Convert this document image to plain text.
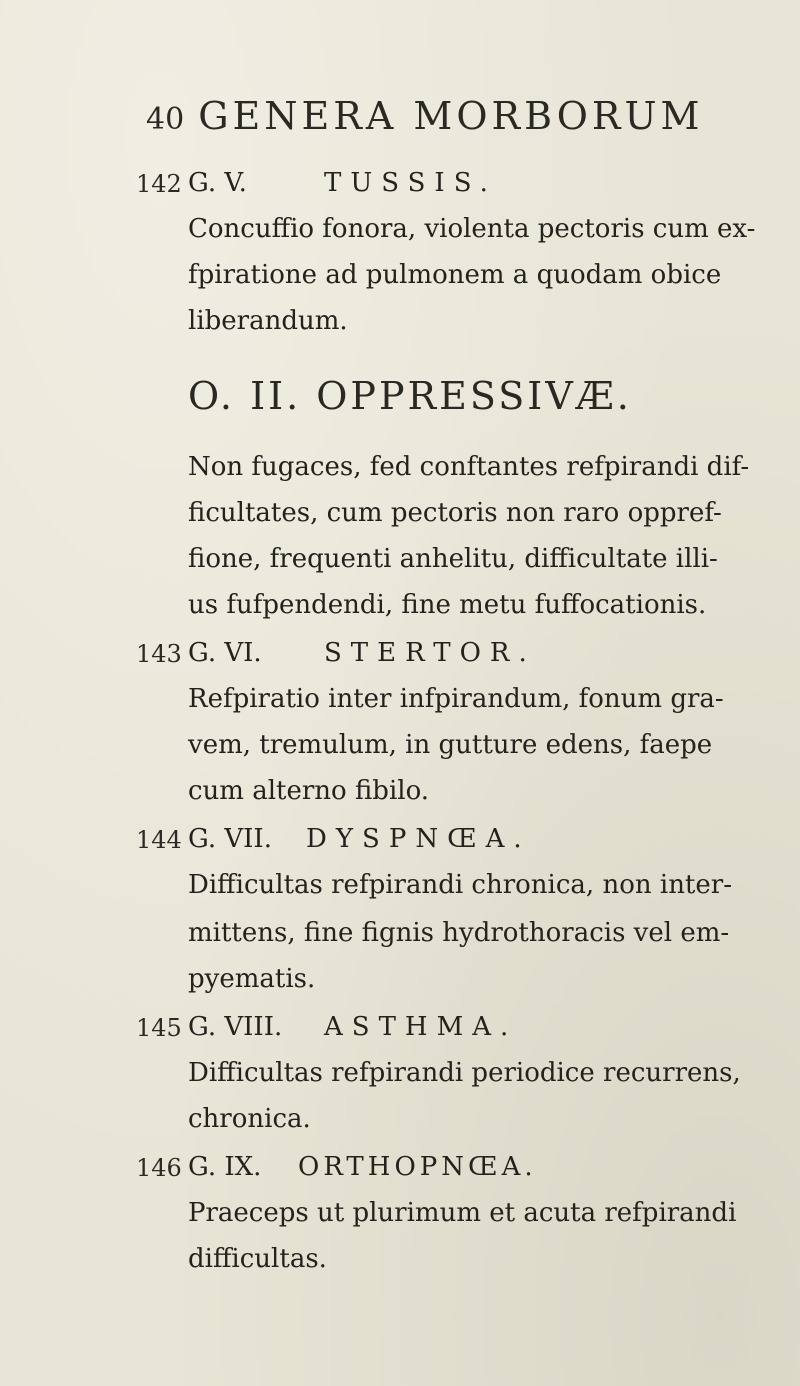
40 GENERA MORBORUM
142 G. V.	TUSSIS.
Concuffio fonora, violenta pectoris cum ex-
fpiratione ad pulmonem a quodam obice
liberandum.
O. II. OPPRESSIVÆ.
Non fugaces, fed conftantes refpirandi dif-
ficultates, cum pectoris non raro oppref-
fione, frequenti anhelitu, difficultate illi-
us fufpendendi, fine metu fuffocationis.
143 G. VI. STERTOR.
Refpiratio inter infpirandum, fonum gra-
vem, tremulum, in gutture edens, faepe
cum alterno fibilo.
144 G. VII. DYSPNŒA.
Difficultas refpirandi chronica, non inter-
mittens, fine fignis hydrothoracis vel em-
pyematis.
145 G. VIII. ASTHMA.
Difficultas refpirandi periodice recurrens,
chronica.
146 G. IX. ORTHOPNŒA.
Praeceps ut plurimum et acuta refpirandi
difficultas.
